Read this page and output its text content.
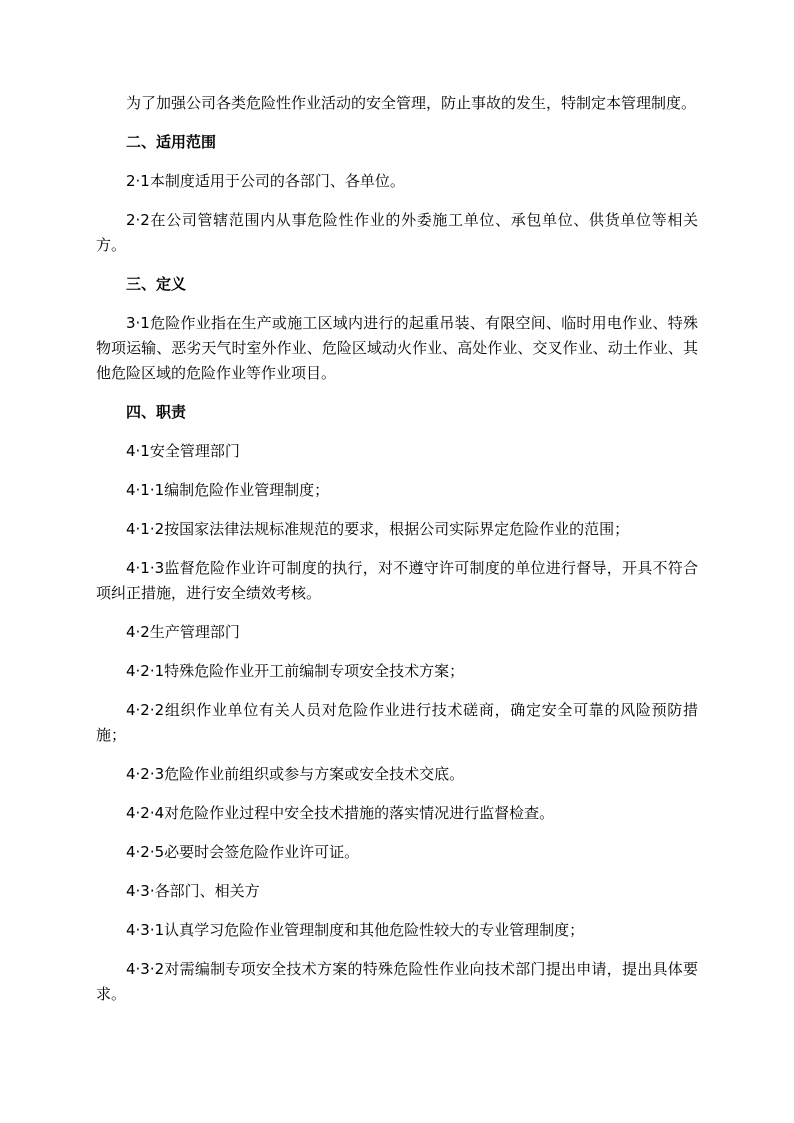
为了加强公司各类危险性作业活动的安全管理，防止事故的发生，特制定本管理制度。

二、适用范围

2·1本制度适用于公司的各部门、各单位。

2·2在公司管辖范围内从事危险性作业的外委施工单位、承包单位、供货单位等相关方。

三、定义

3·1危险作业指在生产或施工区域内进行的起重吊装、有限空间、临时用电作业、特殊物项运输、恶劣天气时室外作业、危险区域动火作业、高处作业、交叉作业、动土作业、其他危险区域的危险作业等作业项目。

四、职责

4·1安全管理部门

4·1·1编制危险作业管理制度；

4·1·2按国家法律法规标准规范的要求，根据公司实际界定危险作业的范围；

4·1·3监督危险作业许可制度的执行，对不遵守许可制度的单位进行督导，开具不符合项纠正措施，进行安全绩效考核。

4·2生产管理部门

4·2·1特殊危险作业开工前编制专项安全技术方案；

4·2·2组织作业单位有关人员对危险作业进行技术磋商，确定安全可靠的风险预防措施；

4·2·3危险作业前组织或参与方案或安全技术交底。

4·2·4对危险作业过程中安全技术措施的落实情况进行监督检查。

4·2·5必要时会签危险作业许可证。

4·3·各部门、相关方

4·3·1认真学习危险作业管理制度和其他危险性较大的专业管理制度；

4·3·2对需编制专项安全技术方案的特殊危险性作业向技术部门提出申请，提出具体要求。
